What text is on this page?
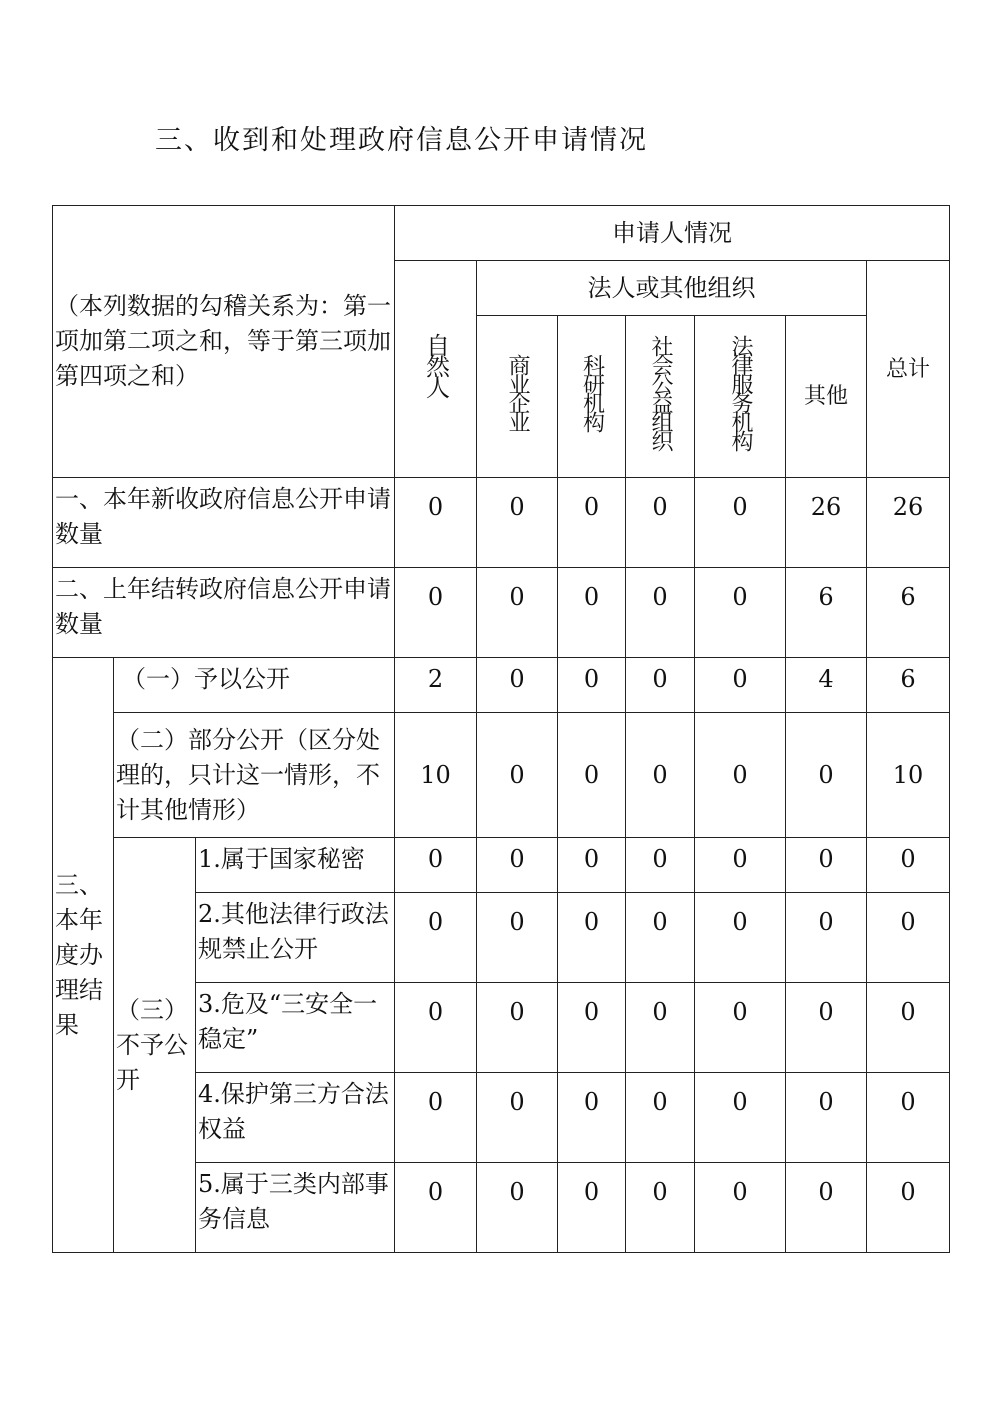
三、收到和处理政府信息公开申请情况
（本列数据的勾稽关系为：第一项加第二项之和，等于第三项加第四项之和）			申请人情况						
			自然人	法人或其他组织					总计
				商业企业	科研机构	社会公益组织	法律服务机构	其他	
一、本年新收政府信息公开申请数量			0	0	0	0	0	26	26
二、上年结转政府信息公开申请数量			0	0	0	0	0	6	6
三、本年度办理结果	（一）予以公开		2	0	0	0	0	4	6
	（二）部分公开（区分处理的，只计这一情形，不计其他情形）		10	0	0	0	0	0	10
	（三）不予公开	1.属于国家秘密	0	0	0	0	0	0	0
		2.其他法律行政法规禁止公开	0	0	0	0	0	0	0
		3.危及“三安全一稳定”	0	0	0	0	0	0	0
		4.保护第三方合法权益	0	0	0	0	0	0	0
		5.属于三类内部事务信息	0	0	0	0	0	0	0
